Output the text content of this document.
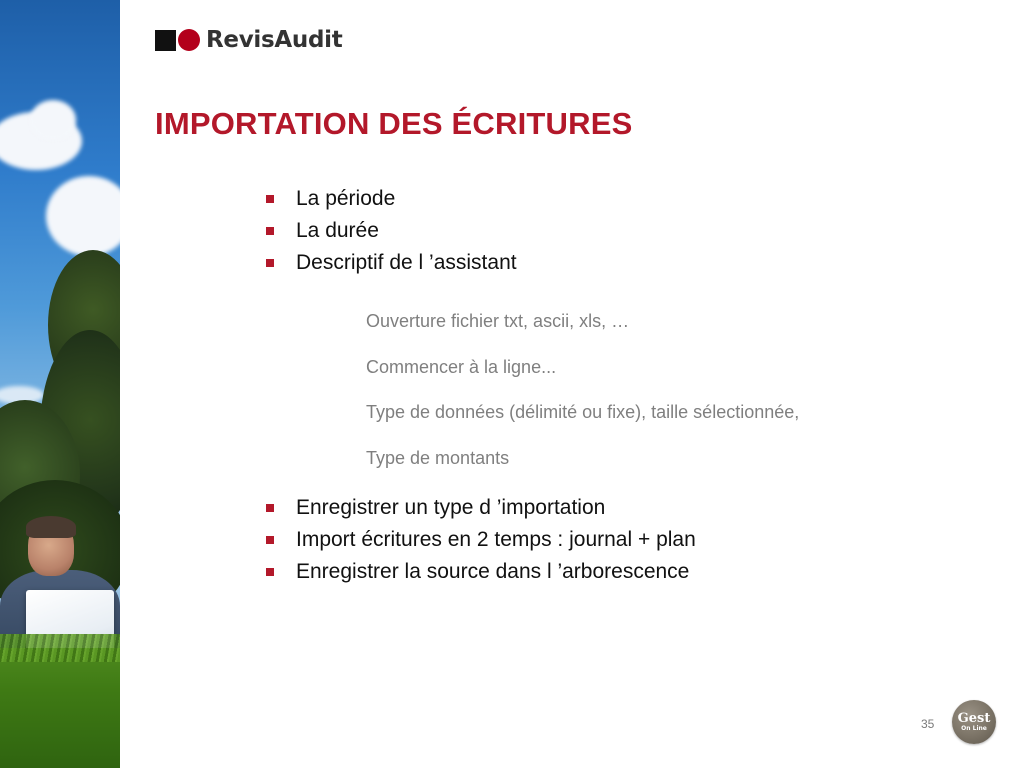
RevisAudit
IMPORTATION DES ÉCRITURES
La période
La durée
Descriptif de l ’assistant
Ouverture fichier txt, ascii, xls, …
Commencer à la ligne...
Type de données (délimité ou fixe), taille sélectionnée,
Type de montants
Enregistrer un type d ’importation
Import écritures en 2 temps : journal + plan
Enregistrer la source dans l ’arborescence
35 Gest
On Line
